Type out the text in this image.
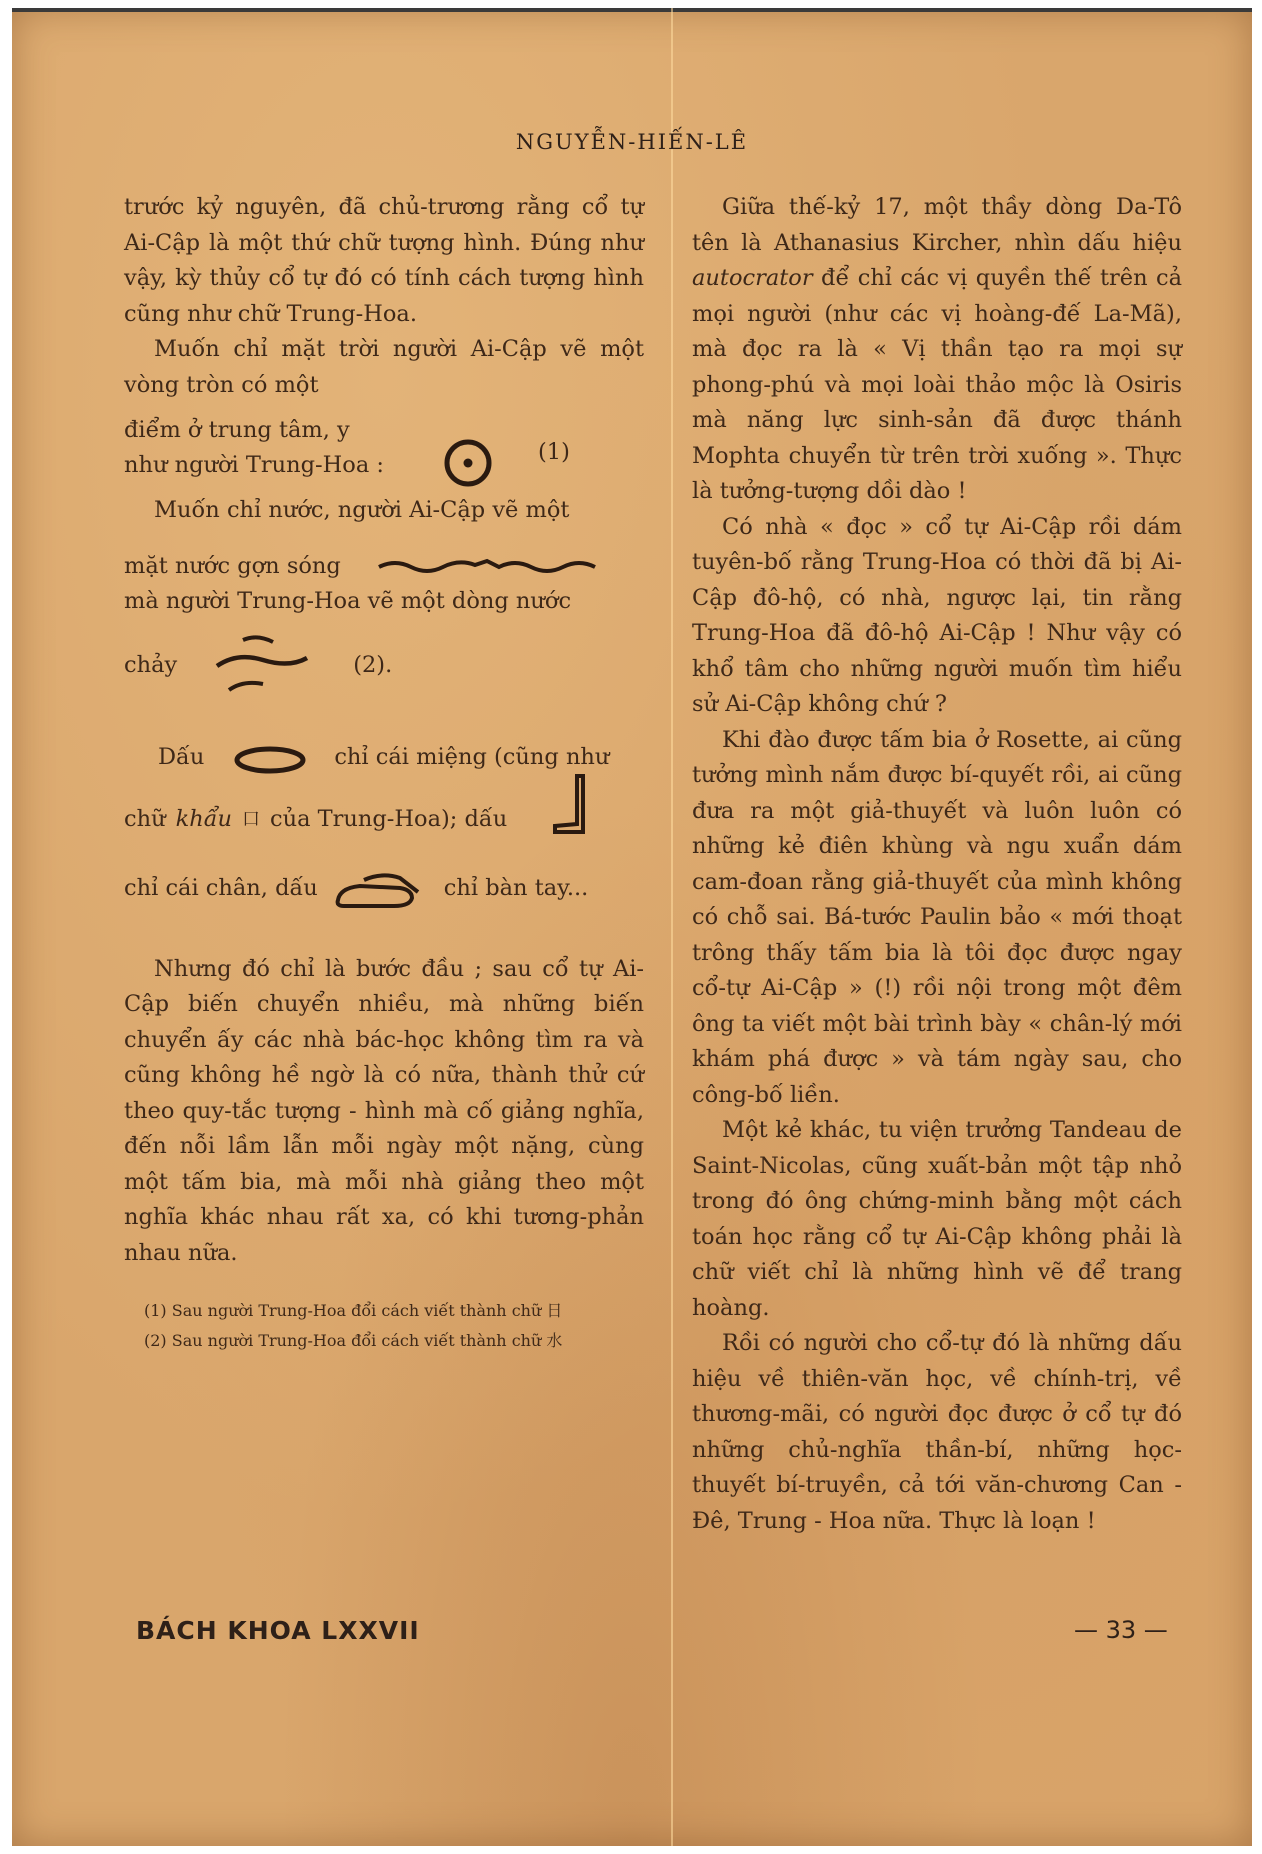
NGUYỄN-HIẾN-LÊ

trước kỷ nguyên, đã chủ-trương rằng cổ tự Ai-Cập là một thứ chữ tượng hình. Đúng như vậy, kỳ thủy cổ tự đó có tính cách tượng hình cũng như chữ Trung-Hoa.

Muốn chỉ mặt trời người Ai-Cập vẽ một vòng tròn có một

điểm ở trung tâm, y
như người Trung-Hoa :	(1)

Muốn chỉ nước, người Ai-Cập vẽ một

mặt nước gợn sóng

mà người Trung-Hoa vẽ một dòng nước

chảy	(2).
Dấu	chỉ cái miệng (cũng như
chữ khẩu 口 của Trung-Hoa); dấu
chỉ cái chân, dấu	chỉ bàn tay...

Nhưng đó chỉ là bước đầu ; sau cổ tự Ai-Cập biến chuyển nhiều, mà những biến chuyển ấy các nhà bác-học không tìm ra và cũng không hề ngờ là có nữa, thành thử cứ theo quy-tắc tượng - hình mà cố giảng nghĩa, đến nỗi lầm lẫn mỗi ngày một nặng, cùng một tấm bia, mà mỗi nhà giảng theo một nghĩa khác nhau rất xa, có khi tương-phản nhau nữa.

(1) Sau người Trung-Hoa đổi cách viết thành chữ 日

(2) Sau người Trung-Hoa đổi cách viết thành chữ 水

Giữa thế-kỷ 17, một thầy dòng Da-Tô tên là Athanasius Kircher, nhìn dấu hiệu autocrator để chỉ các vị quyền thế trên cả mọi người (như các vị hoàng-đế La-Mã), mà đọc ra là « Vị thần tạo ra mọi sự phong-phú và mọi loài thảo mộc là Osiris mà năng lực sinh-sản đã được thánh Mophta chuyển từ trên trời xuống ». Thực là tưởng-tượng dồi dào !

Có nhà « đọc » cổ tự Ai-Cập rồi dám tuyên-bố rằng Trung-Hoa có thời đã bị Ai-Cập đô-hộ, có nhà, ngược lại, tin rằng Trung-Hoa đã đô-hộ Ai-Cập ! Như vậy có khổ tâm cho những người muốn tìm hiểu sử Ai-Cập không chứ ?

Khi đào được tấm bia ở Rosette, ai cũng tưởng mình nắm được bí-quyết rồi, ai cũng đưa ra một giả-thuyết và luôn luôn có những kẻ điên khùng và ngu xuẩn dám cam-đoan rằng giả-thuyết của mình không có chỗ sai. Bá-tước Paulin bảo « mới thoạt trông thấy tấm bia là tôi đọc được ngay cổ-tự Ai-Cập » (!) rồi nội trong một đêm ông ta viết một bài trình bày « chân-lý mới khám phá được » và tám ngày sau, cho công-bố liền.

Một kẻ khác, tu viện trưởng Tandeau de Saint-Nicolas, cũng xuất-bản một tập nhỏ trong đó ông chứng-minh bằng một cách toán học rằng cổ tự Ai-Cập không phải là chữ viết chỉ là những hình vẽ để trang hoàng.

Rồi có người cho cổ-tự đó là những dấu hiệu về thiên-văn học, về chính-trị, về thương-mãi, có người đọc được ở cổ tự đó những chủ-nghĩa thần-bí, những học-thuyết bí-truyền, cả tới văn-chương Can - Đê, Trung - Hoa nữa. Thực là loạn !

BÁCH KHOA LXXVII	— 33 —
